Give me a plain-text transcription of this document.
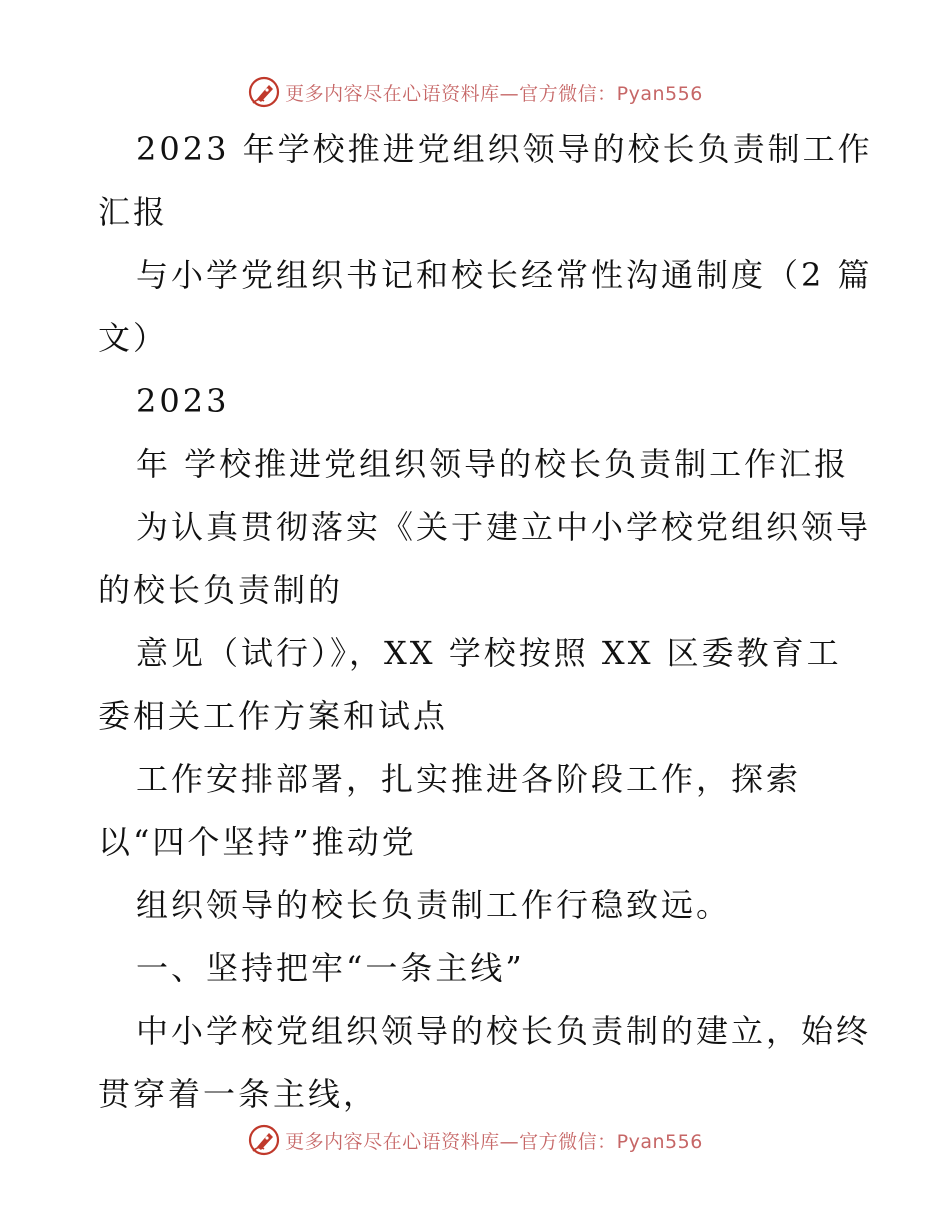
更多内容尽在心语资料库—官方微信：Pyan556
2023 年学校推进党组织领导的校长负责制工作
汇报
与小学党组织书记和校长经常性沟通制度（2 篇
文）
2023
年 学校推进党组织领导的校长负责制工作汇报
为认真贯彻落实《关于建立中小学校党组织领导
的校长负责制的
意见（试行）》，XX 学校按照 XX 区委教育工
委相关工作方案和试点
工作安排部署，扎实推进各阶段工作，探索
以“四个坚持”推动党
组织领导的校长负责制工作行稳致远。
一、坚持把牢“一条主线”
中小学校党组织领导的校长负责制的建立，始终
贯穿着一条主线，
更多内容尽在心语资料库—官方微信：Pyan556
